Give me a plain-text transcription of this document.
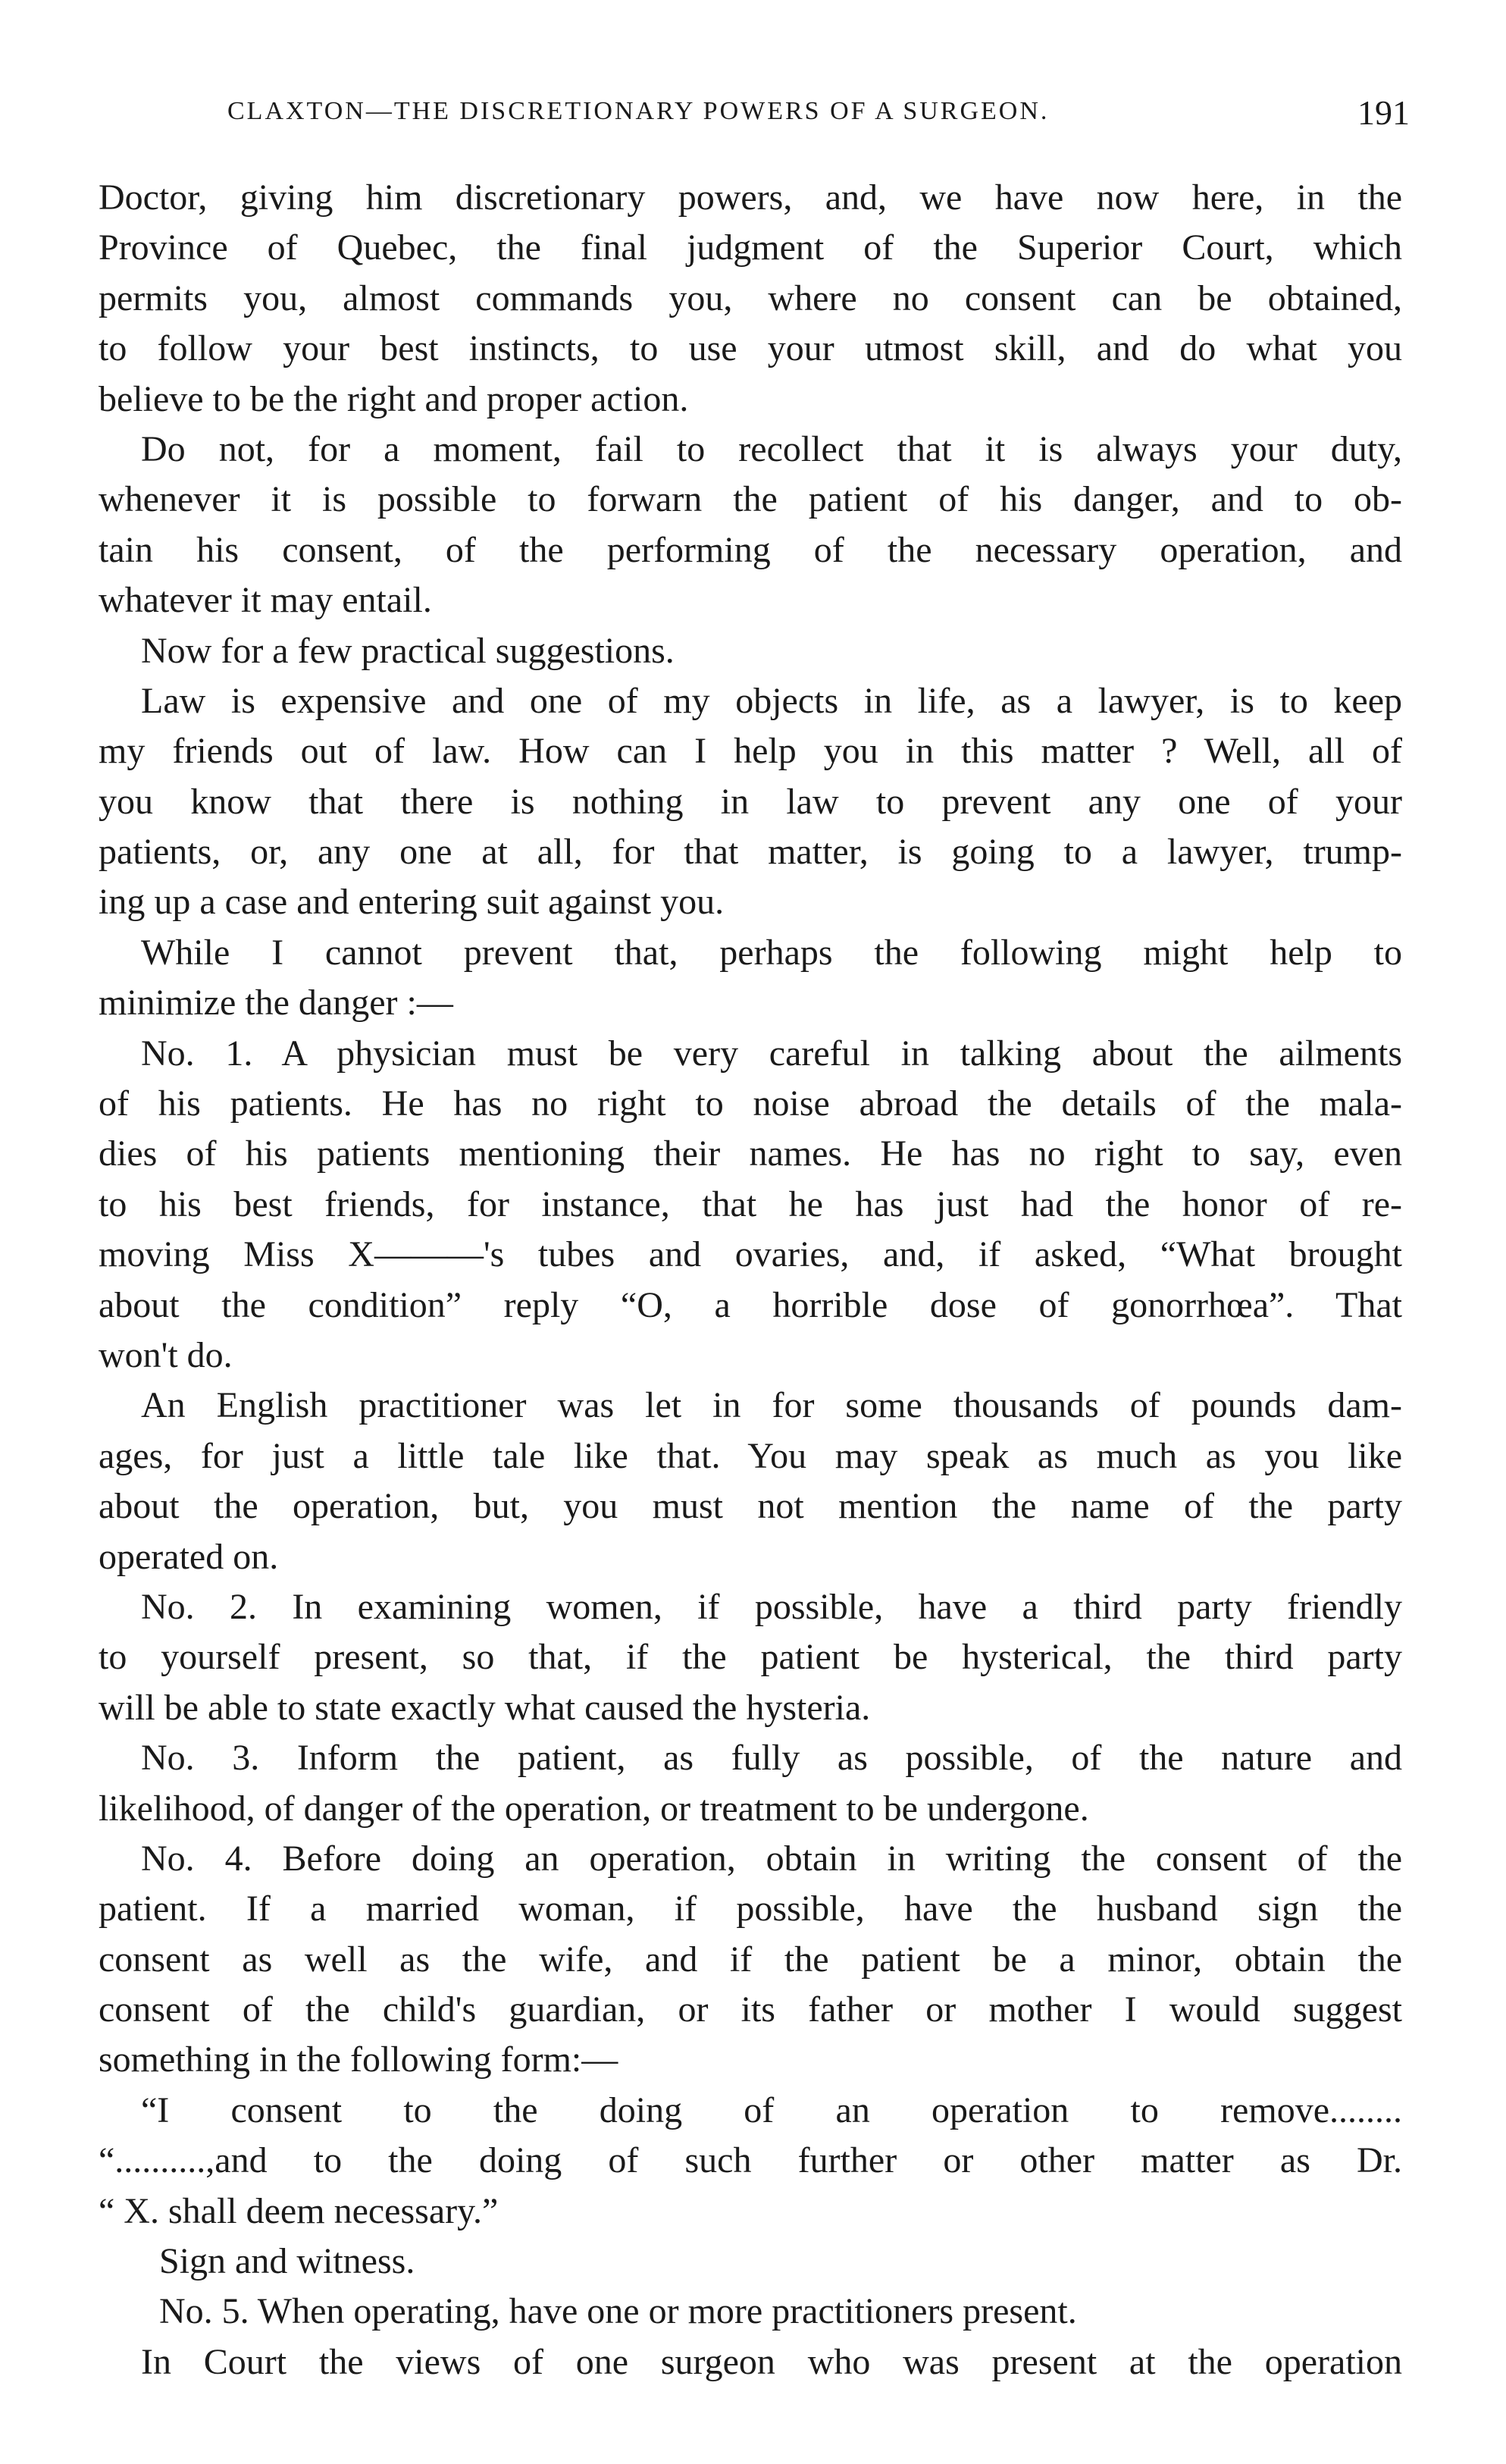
CLAXTON—THE DISCRETIONARY POWERS OF A SURGEON.	191
Doctor, giving him discretionary powers, and, we have now here, in the
Province of Quebec, the final judgment of the Superior Court, which
permits you, almost commands you, where no consent can be obtained,
to follow your best instincts, to use your utmost skill, and do what you
believe to be the right and proper action.
Do not, for a moment, fail to recollect that it is always your duty,
whenever it is possible to forwarn the patient of his danger, and to ob-
tain his consent, of the performing of the necessary operation, and
whatever it may entail.
Now for a few practical suggestions.
Law is expensive and one of my objects in life, as a lawyer, is to keep
my friends out of law. How can I help you in this matter ? Well, all of
you know that there is nothing in law to prevent any one of your
patients, or, any one at all, for that matter, is going to a lawyer, trump-
ing up a case and entering suit against you.
While I cannot prevent that, perhaps the following might help to
minimize the danger :—
No. 1. A physician must be very careful in talking about the ailments
of his patients. He has no right to noise abroad the details of the mala-
dies of his patients mentioning their names. He has no right to say, even
to his best friends, for instance, that he has just had the honor of re-
moving Miss X———'s tubes and ovaries, and, if asked, “What brought
about the condition” reply “O, a horrible dose of gonorrhœa”. That
won't do.
An English practitioner was let in for some thousands of pounds dam-
ages, for just a little tale like that. You may speak as much as you like
about the operation, but, you must not mention the name of the party
operated on.
No. 2. In examining women, if possible, have a third party friendly
to yourself present, so that, if the patient be hysterical, the third party
will be able to state exactly what caused the hysteria.
No. 3. Inform the patient, as fully as possible, of the nature and
likelihood, of danger of the operation, or treatment to be undergone.
No. 4. Before doing an operation, obtain in writing the consent of the
patient. If a married woman, if possible, have the husband sign the
consent as well as the wife, and if the patient be a minor, obtain the
consent of the child's guardian, or its father or mother I would suggest
something in the following form:—
“I consent to the doing of an operation to remove........
“..........,and to the doing of such further or other matter as Dr.
“ X. shall deem necessary.”
Sign and witness.
No. 5. When operating, have one or more practitioners present.
In Court the views of one surgeon who was present at the operation
